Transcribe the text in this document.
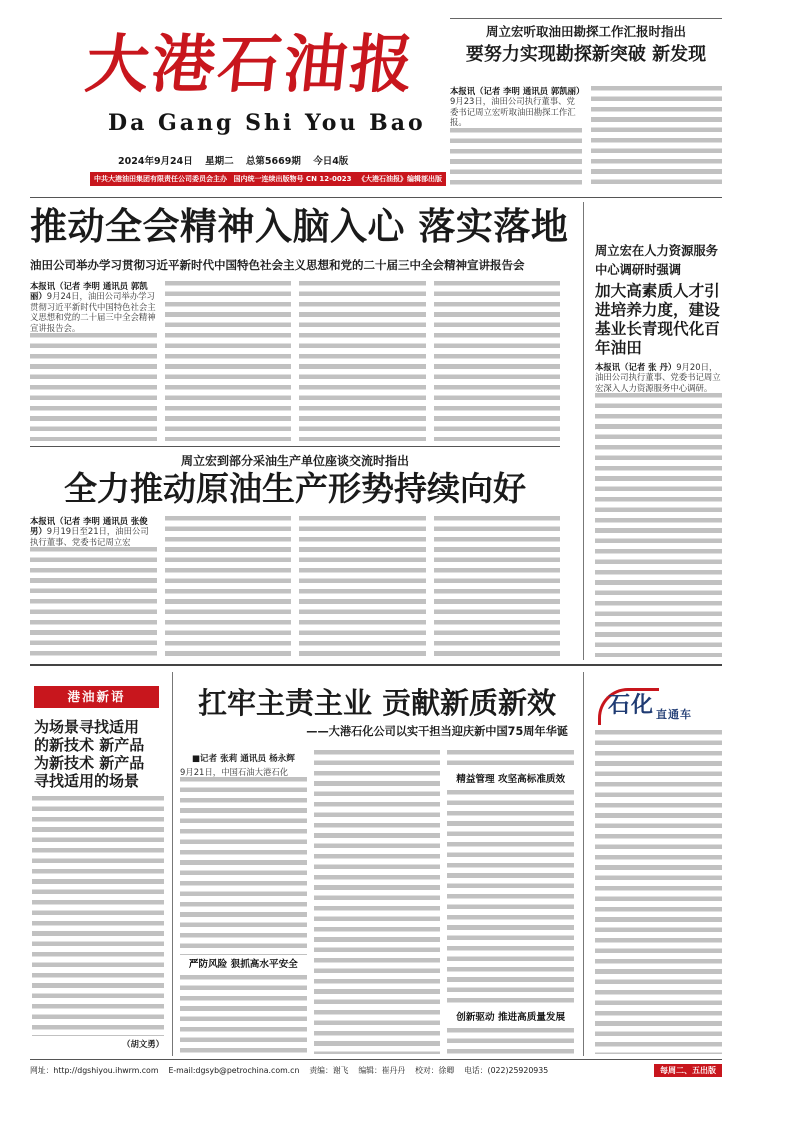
大港石油报
Da Gang Shi You Bao
2024年9月24日 星期二 总第5669期 今日4版
中共大港油田集团有限责任公司委员会主办 国内统一连续出版物号 CN 12-0023 《大港石油报》编辑部出版
周立宏听取油田勘探工作汇报时指出
要努力实现勘探新突破 新发现
本报讯（记者 李明 通讯员 郭凯丽）9月23日，油田公司执行董事、党委书记周立宏听取油田勘探工作汇报。
推动全会精神入脑入心 落实落地
油田公司举办学习贯彻习近平新时代中国特色社会主义思想和党的二十届三中全会精神宣讲报告会
本报讯（记者 李明 通讯员 郭凯丽）9月24日，油田公司举办学习贯彻习近平新时代中国特色社会主义思想和党的二十届三中全会精神宣讲报告会。
周立宏到部分采油生产单位座谈交流时指出
全力推动原油生产形势持续向好
本报讯（记者 李明 通讯员 张俊男）9月19日至21日，油田公司执行董事、党委书记周立宏
周立宏在人力资源服务中心调研时强调
加大高素质人才引进培养力度，建设基业长青现代化百年油田
本报讯（记者 张 丹）9月20日，油田公司执行董事、党委书记周立宏深入人力资源服务中心调研。
港油新语
为场景寻找适用
的新技术 新产品
为新技术 新产品
寻找适用的场景
（胡文勇）
扛牢主责主业 贡献新质新效
——大港石化公司以实干担当迎庆新中国75周年华诞
■记者 张莉 通讯员 杨永辉
9月21日，中国石油大港石化
严防风险 狠抓高水平安全
精益管理 攻坚高标准质效
创新驱动 推进高质量发展
石化 直通车
网址：http://dgshiyou.ihwrm.com E-mail:dgsyb@petrochina.com.cn 责编：谢飞 编辑：崔丹丹 校对：徐卿 电话：(022)25920935	每周二、五出版
